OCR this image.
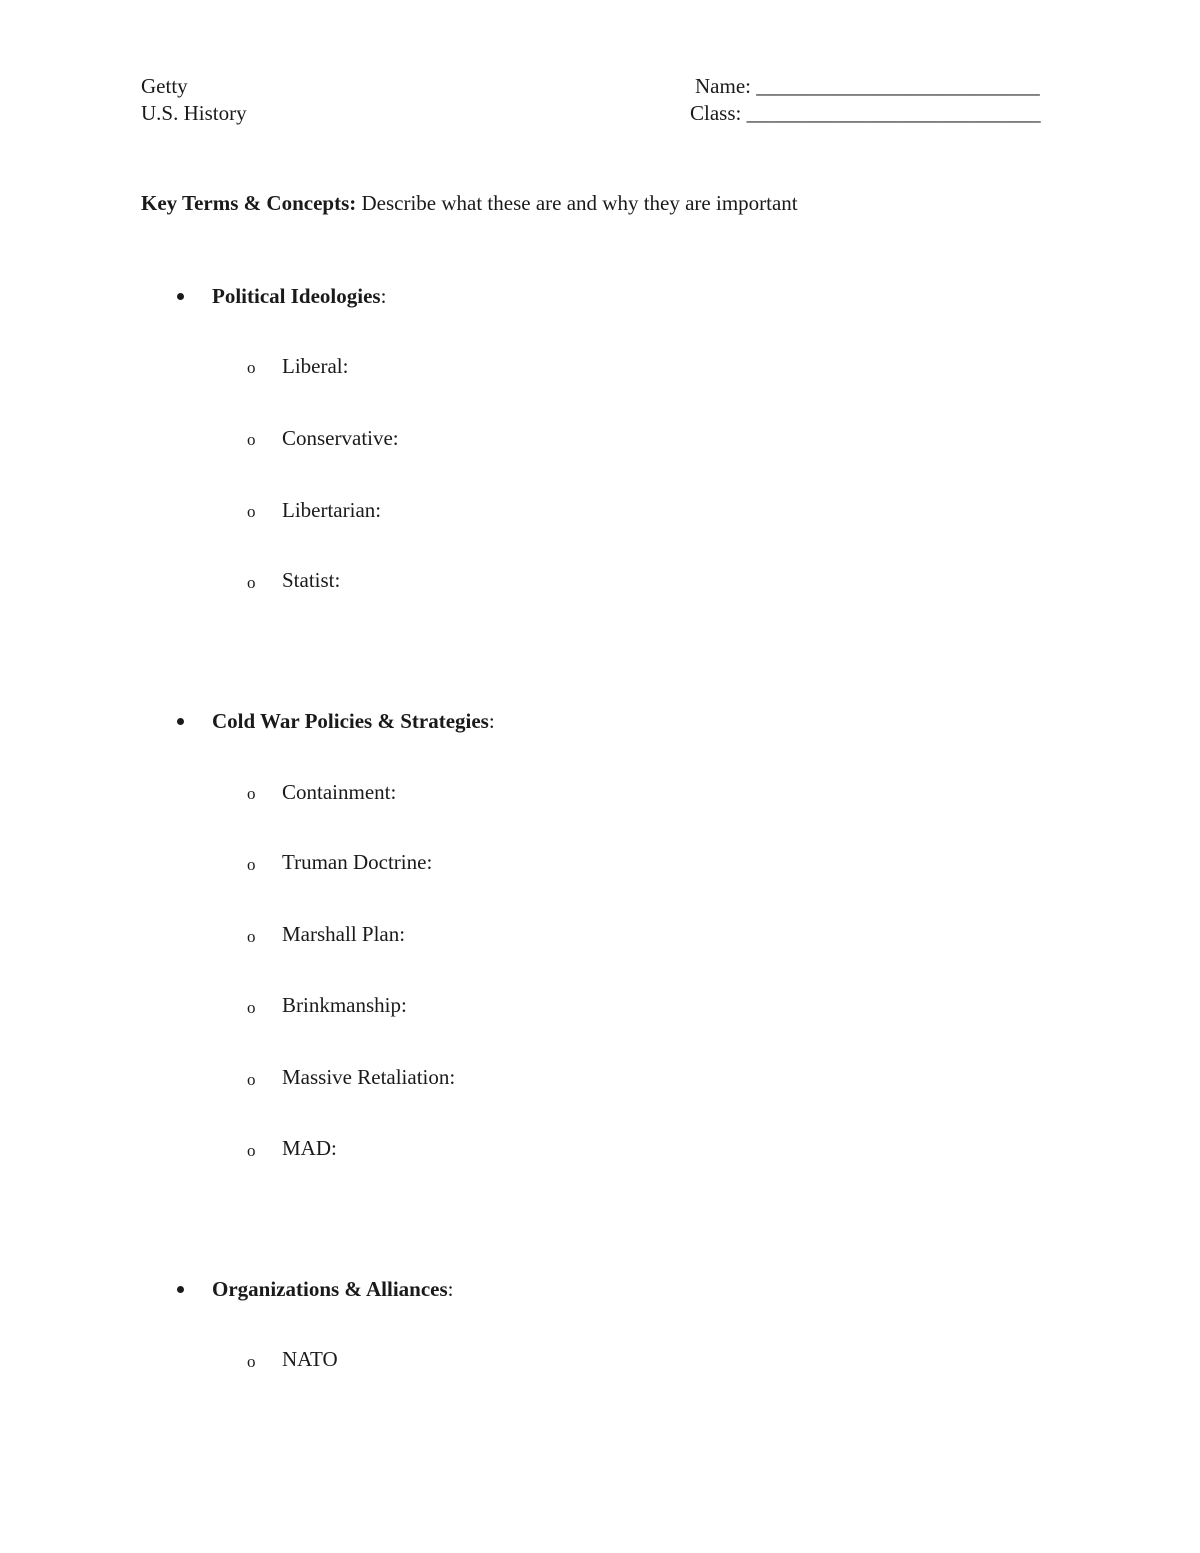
Getty
U.S. History
Name: ___________________________
Class: ____________________________
Key Terms & Concepts: Describe what these are and why they are important
Political Ideologies:
o Liberal:
o Conservative:
o Libertarian:
o Statist:
Cold War Policies & Strategies:
o Containment:
o Truman Doctrine:
o Marshall Plan:
o Brinkmanship:
o Massive Retaliation:
o MAD:
Organizations & Alliances:
o NATO
